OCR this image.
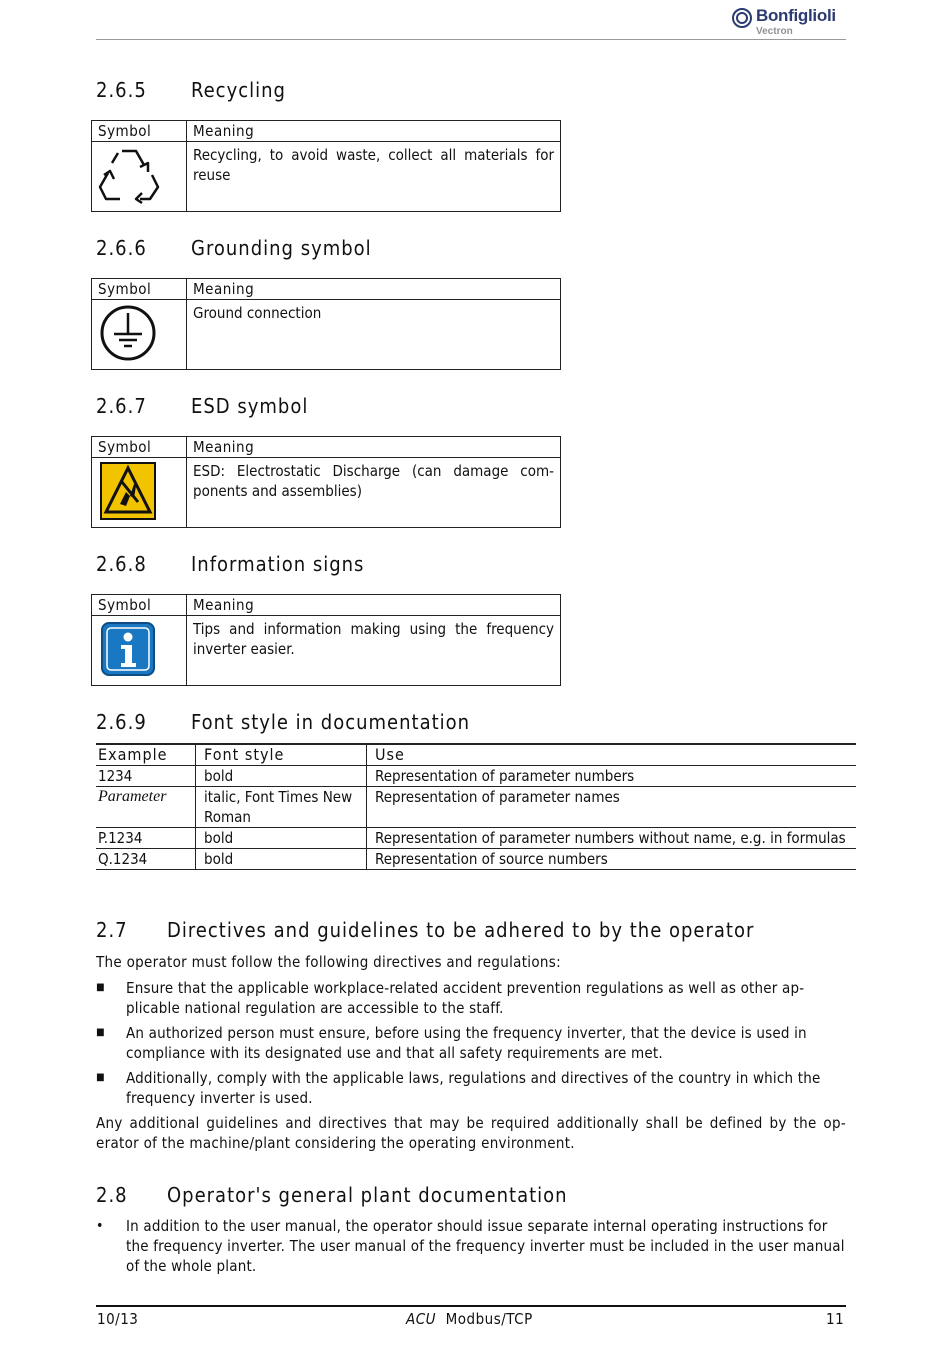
Bonfiglioli
Vectron
2.6.5 Recycling
Symbol	Meaning
	Recycling, to avoid waste, collect all materials for reuse
2.6.6 Grounding symbol
Symbol	Meaning
	Ground connection
2.6.7 ESD symbol
Symbol	Meaning
	ESD: Electrostatic Discharge (can damage com-ponents and assemblies)
2.6.8 Information signs
Symbol	Meaning
	Tips and information making using the frequency inverter easier.
2.6.9 Font style in documentation
Example	Font style	Use
1234	bold	Representation of parameter numbers
Parameter	italic, Font Times New Roman	Representation of parameter names
P.1234	bold	Representation of parameter numbers without name, e.g. in formulas
Q.1234	bold	Representation of source numbers
2.7 Directives and guidelines to be adhered to by the operator

The operator must follow the following directives and regulations:

■ Ensure that the applicable workplace-related accident prevention regulations as well as other ap-plicable national regulation are accessible to the staff.
■ An authorized person must ensure, before using the frequency inverter, that the device is used in compliance with its designated use and that all safety requirements are met.
■ Additionally, comply with the applicable laws, regulations and directives of the country in which the frequency inverter is used.

Any additional guidelines and directives that may be required additionally shall be defined by the op-erator of the machine/plant considering the operating environment.

2.8 Operator's general plant documentation
• In addition to the user manual, the operator should issue separate internal operating instructions for the frequency inverter. The user manual of the frequency inverter must be included in the user manual of the whole plant.
10/13	ACU Modbus/TCP	11
